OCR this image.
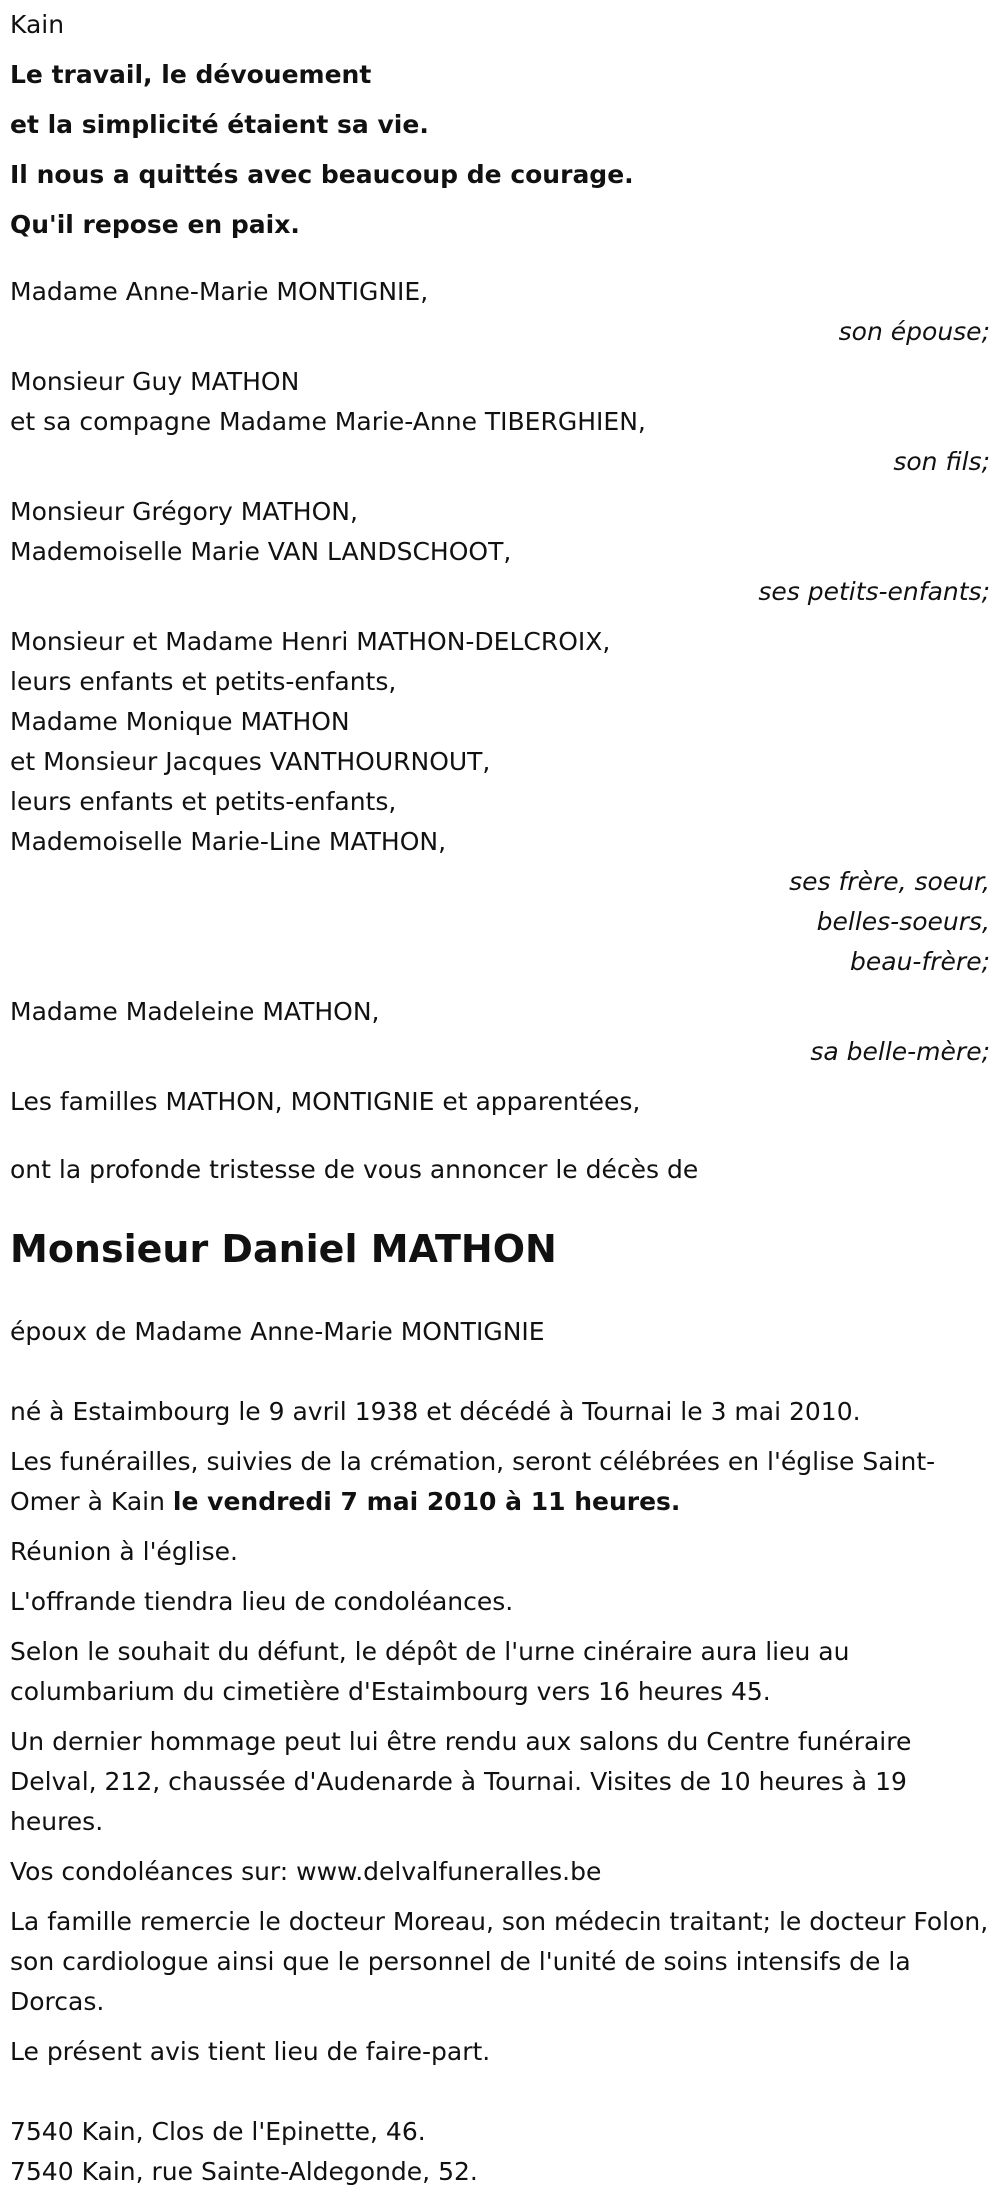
Kain

Le travail, le dévouement

et la simplicité étaient sa vie.

Il nous a quittés avec beaucoup de courage.

Qu'il repose en paix.

Madame Anne-Marie MONTIGNIE,

son épouse;

Monsieur Guy MATHON

et sa compagne Madame Marie-Anne TIBERGHIEN,

son fils;

Monsieur Grégory MATHON,

Mademoiselle Marie VAN LANDSCHOOT,

ses petits-enfants;

Monsieur et Madame Henri MATHON-DELCROIX,

leurs enfants et petits-enfants,

Madame Monique MATHON

et Monsieur Jacques VANTHOURNOUT,

leurs enfants et petits-enfants,

Mademoiselle Marie-Line MATHON,

ses frère, soeur,

belles-soeurs,

beau-frère;

Madame Madeleine MATHON,

sa belle-mère;

Les familles MATHON, MONTIGNIE et apparentées,

ont la profonde tristesse de vous annoncer le décès de

Monsieur Daniel MATHON

époux de Madame Anne-Marie MONTIGNIE

né à Estaimbourg le 9 avril 1938 et décédé à Tournai le 3 mai 2010.

Les funérailles, suivies de la crémation, seront célébrées en l'église Saint-Omer à Kain le vendredi 7 mai 2010 à 11 heures.

Réunion à l'église.

L'offrande tiendra lieu de condoléances.

Selon le souhait du défunt, le dépôt de l'urne cinéraire aura lieu au columbarium du cimetière d'Estaimbourg vers 16 heures 45.

Un dernier hommage peut lui être rendu aux salons du Centre funéraire Delval, 212, chaussée d'Audenarde à Tournai. Visites de 10 heures à 19 heures.

Vos condoléances sur: www.delvalfuneralles.be

La famille remercie le docteur Moreau, son médecin traitant; le docteur Folon, son cardiologue ainsi que le personnel de l'unité de soins intensifs de la Dorcas.

Le présent avis tient lieu de faire-part.

7540 Kain, Clos de l'Epinette, 46.

7540 Kain, rue Sainte-Aldegonde, 52.
